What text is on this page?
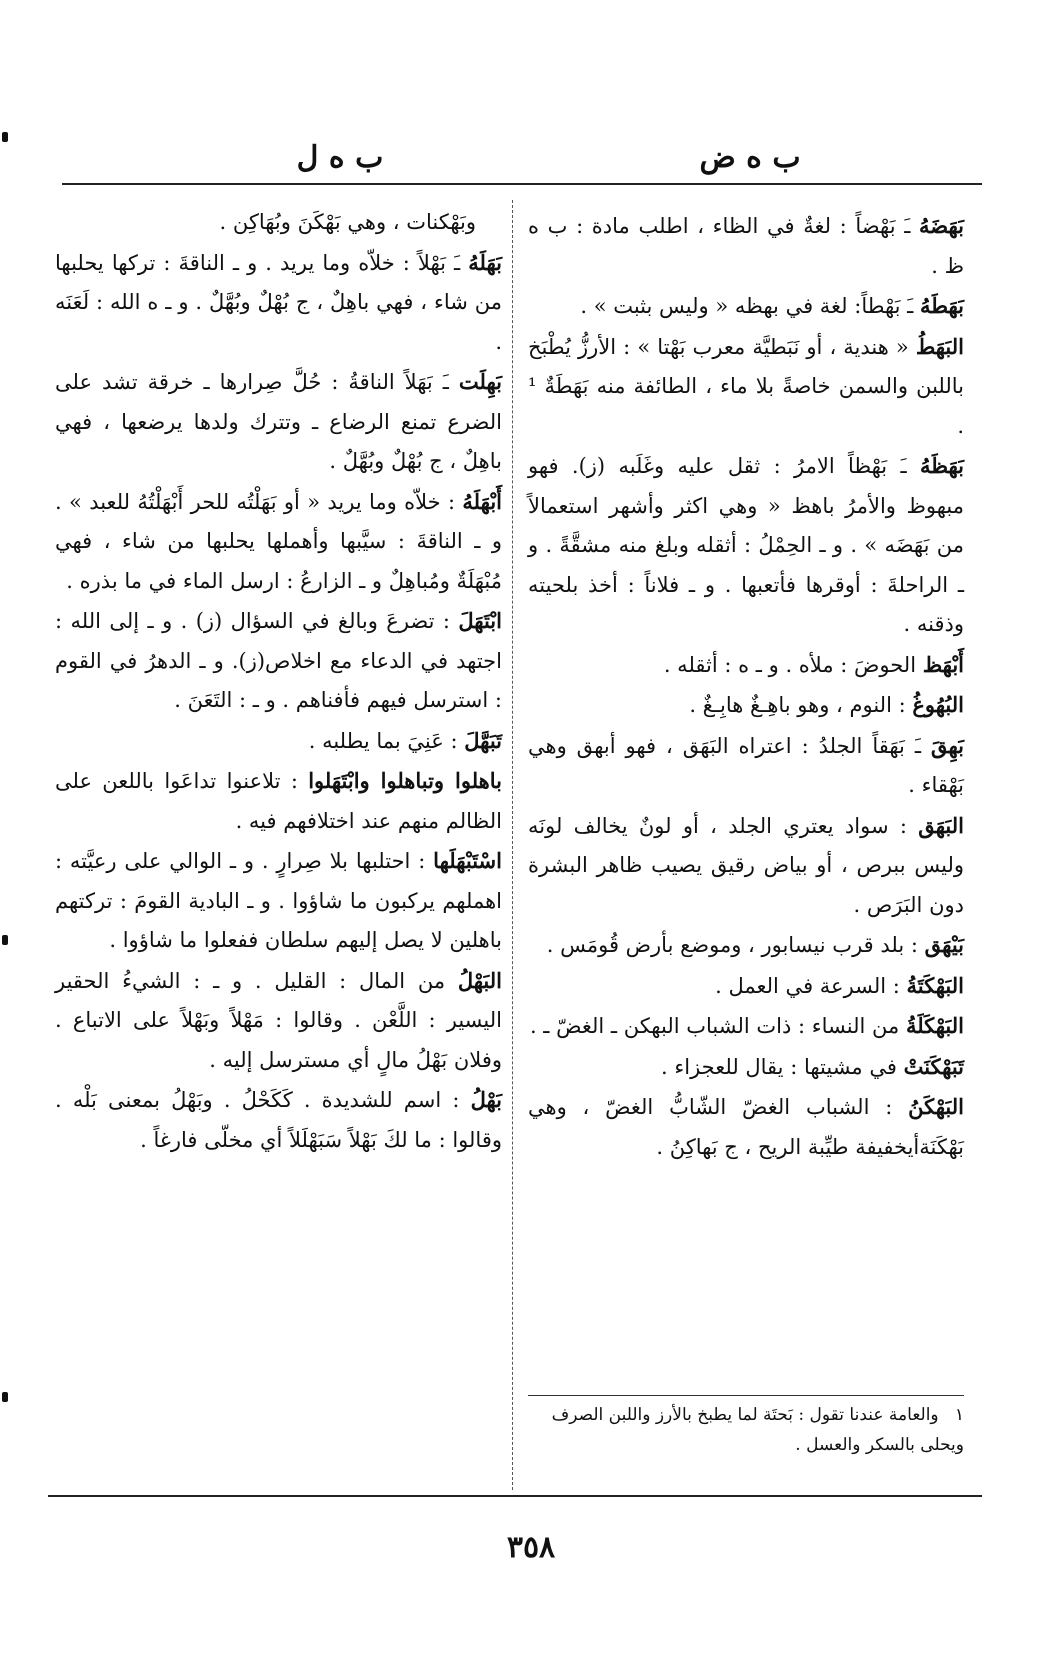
ب ه ض
ب ه ل

بَهَضَهُ ـَ بَهْضاً : لغةٌ في الظاء ، اطلب مادة : ب ه ظ .

بَهَطَهُ ـَ بَهْطاً: لغة في بهظه « وليس بثبت » .

البَهَطُ « هندية ، أو نَبَطيَّة معرب بَهْتا » : الأرزُّ يُطْبَخ باللبن والسمن خاصةً بلا ماء ، الطائفة منه بَهَطَةٌ ¹ .

بَهَظَهُ ـَ بَهْظاً الامرُ : ثقل عليه وغَلَبه (ز). فهو مبهوظ والأمرُ باهظ « وهي اكثر وأشهر استعمالاً من بَهَضَه » . و ـ الحِمْلُ : أثقله وبلغ منه مشقَّةً . و ـ الراحلةَ : أوقرها فأتعبها . و ـ فلاناً : أخذ بلحيته وذقنه .

أَبْهَظ الحوضَ : ملأه . و ـ ه : أثقله .

البُهُوغُ : النوم ، وهو باهِـغٌ هابِـغٌ .

بَهِقَ ـَ بَهَقاً الجلدُ : اعتراه البَهَق ، فهو أبهق وهي بَهْقاء .

البَهَق : سواد يعتري الجلد ، أو لونٌ يخالف لونَه وليس ببرص ، أو بياض رقيق يصيب ظاهر البشرة دون البَرَص .

بَيْهَق : بلد قرب نيسابور ، وموضع بأرض قُومَس .

البَهْكَتَةُ : السرعة في العمل .

البَهْكَلَةُ من النساء : ذات الشباب البهكن ـ الغضّ ـ .

تَبَهْكَنَتْ في مشيتها : يقال للعجزاء .

البَهْكَنُ : الشباب الغضّ الشّابُّ الغضّ ، وهي بَهْكَنَةأيخفيفة طيِّبة الريح ، ج بَهاكِنُ .

وبَهْكنات ، وهي بَهْكَنَ وبُهَاكِن .

بَهَلَهُ ـَ بَهْلاً : خلاّه وما يريد . و ـ الناقةَ : تركها يحلبها من شاء ، فهي باهِلٌ ، ج بُهْلٌ وبُهَّلٌ . و ـ ه الله : لَعَنَه .

بَهِلَت ـَ بَهَلاً الناقةُ : حُلَّ صِرارها ـ خرقة تشد على الضرع تمنع الرضاع ـ وتترك ولدها يرضعها ، فهي باهِلٌ ، ج بُهْلٌ وبُهَّلٌ .

أَبْهَلَهُ : خلاّه وما يريد « أو بَهَلْتُه للحر أَبْهَلْتُهُ للعبد » . و ـ الناقةَ : سيَّبها وأهملها يحلبها من شاء ، فهي مُبْهَلَةٌ ومُباهِلٌ و ـ الزارعُ : ارسل الماء في ما بذره .

ابْتَهَلَ : تضرعَ وبالغ في السؤال (ز) . و ـ إلى الله : اجتهد في الدعاء مع اخلاص(ز). و ـ الدهرُ في القوم : استرسل فيهم فأفناهم . و ـ : التَعَنَ .

تَبَهَّلَ : عَنِيَ بما يطلبه .

باهلوا وتباهلوا وابْتَهَلوا : تلاعنوا تداعَوا باللعن على الظالم منهم عند اختلافهم فيه .

اسْتَبْهَلَها : احتلبها بلا صِرارٍ . و ـ الوالي على رعيَّته : اهملهم يركبون ما شاؤوا . و ـ البادية القومَ : تركتهم باهلين لا يصل إليهم سلطان ففعلوا ما شاؤوا .

البَهْلُ من المال : القليل . و ـ : الشيءُ الحقير اليسير : اللَّعْن . وقالوا : مَهْلاً وبَهْلاً على الاتباع . وفلان بَهْلُ مالٍ أي مسترسل إليه .

بَهْلُ : اسم للشديدة . كَكَحْلُ . وبَهْلُ بمعنى بَلْه . وقالوا : ما لكَ بَهْلاً سَبَهْلَلاً أي مخلّى فارغاً .

١   والعامة عندنا تقول : بَحتَة لما يطبخ بالأرز واللبن الصرف ويحلى بالسكر والعسل .
٣٥٨
